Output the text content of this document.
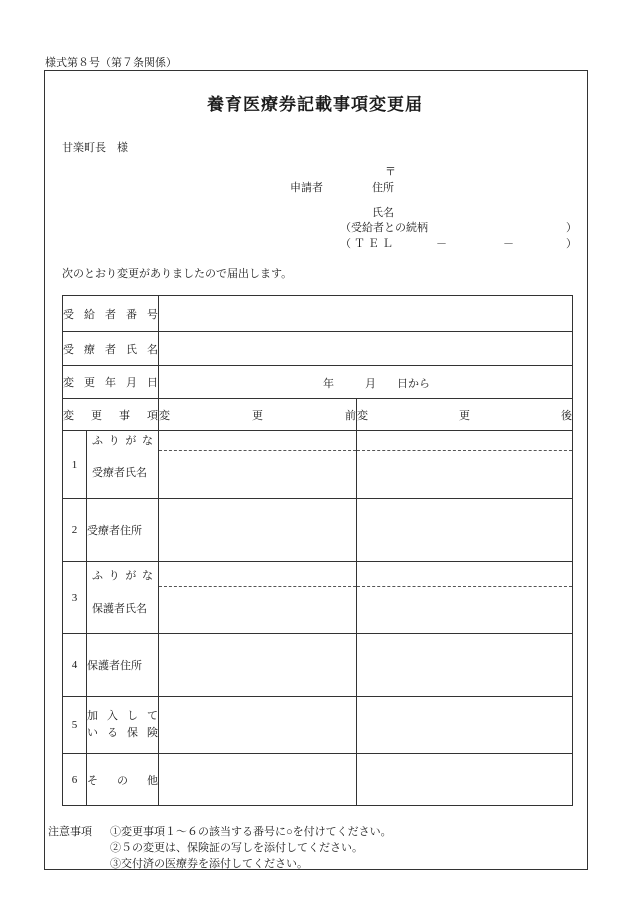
様式第８号（第７条関係）
養育医療券記載事項変更届
甘楽町長　様
〒
申請者	住所
氏名
（受給者との続柄	）
（ＴＥＬ	－	－	）
次のとおり変更がありましたので届出します。
受給者番号			

受療者氏名			

変更年月日		年 月 日から	

変更事項		変更前	変更後

1	ふりがな
受療者氏名		

2	受療者住所		
3	ふりがな
保護者氏名		

4	保護者住所		
5	加入して
いる保険		

6	その他		

注意事項 ①変更事項１～６の該当する番号に○を付けてください。
②５の変更は、保険証の写しを添付してください。
③交付済の医療券を添付してください。
